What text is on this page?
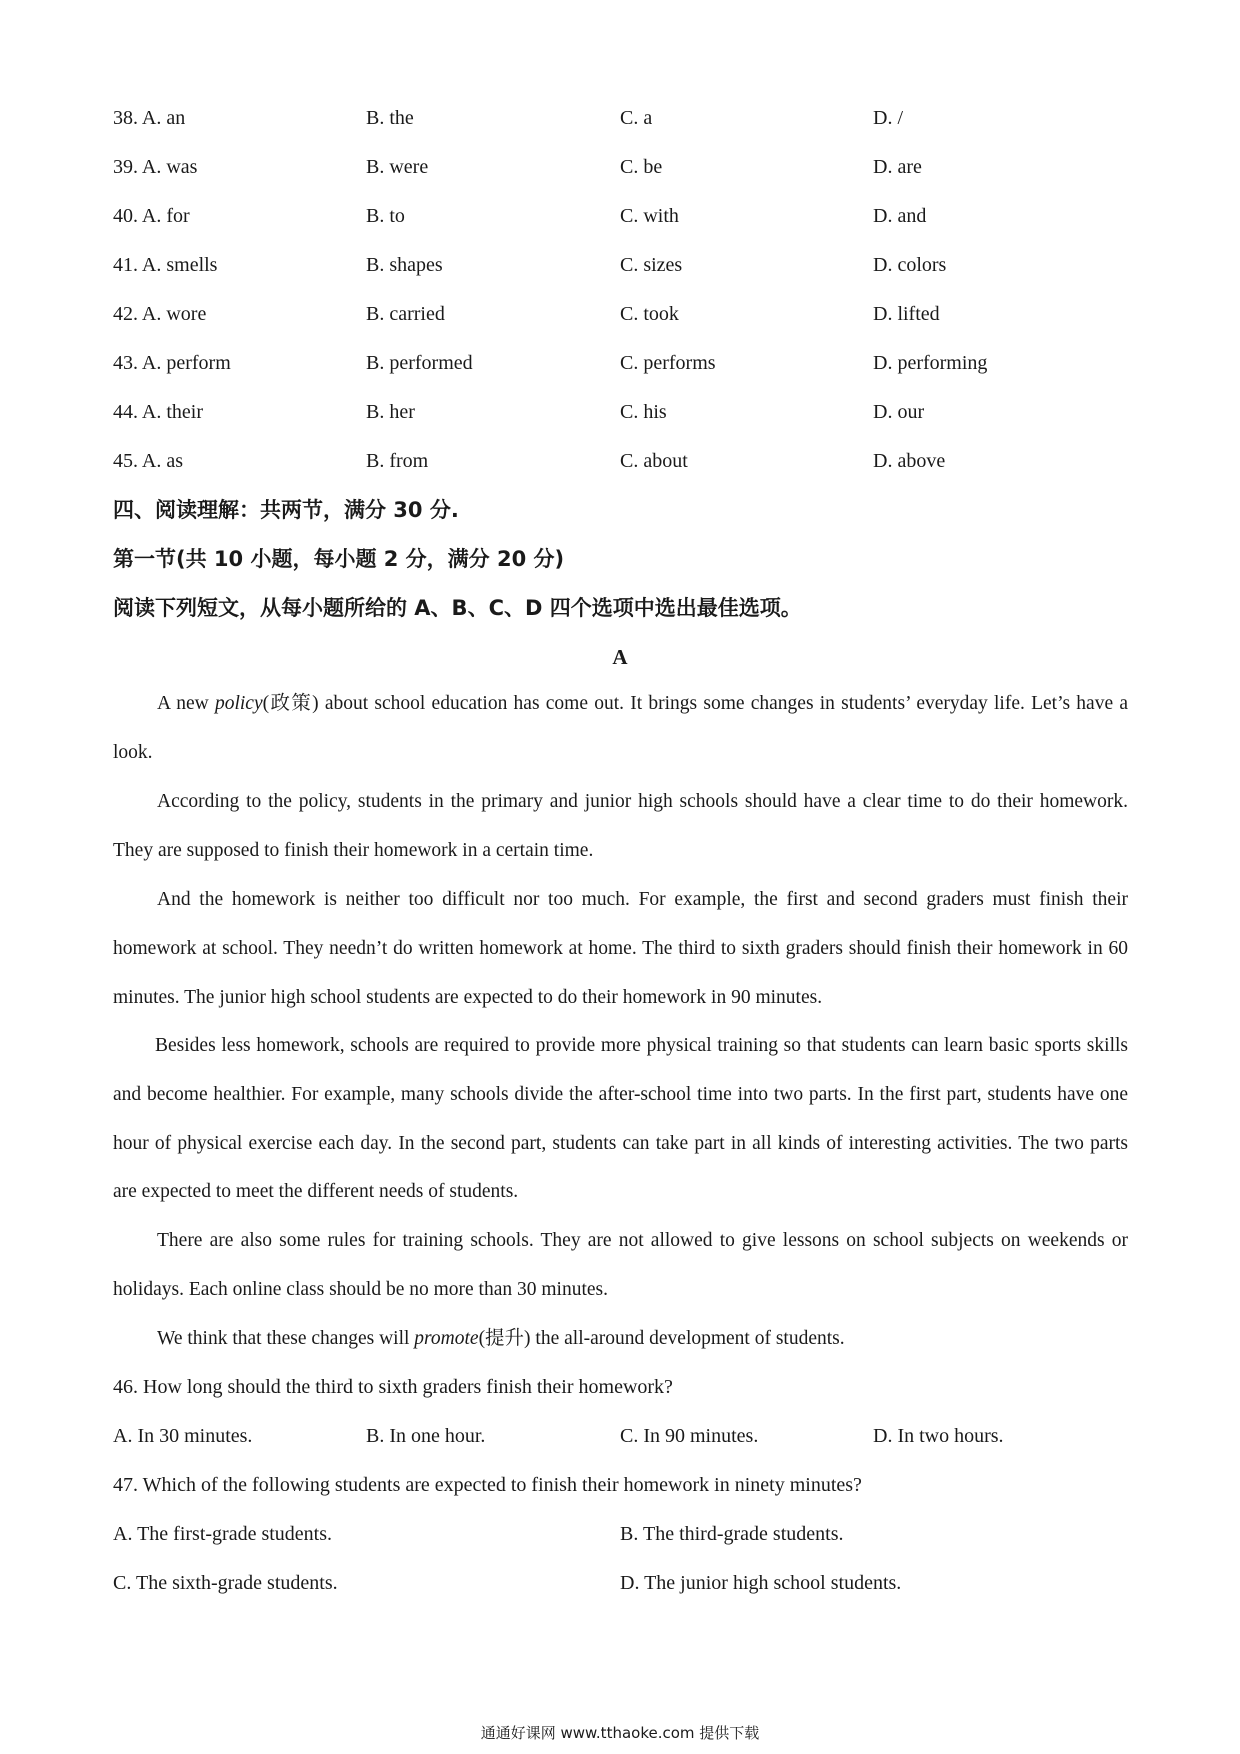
38. A. an	B. the	C. a	D. /
39. A. was	B. were	C. be	D. are
40. A. for	B. to	C. with	D. and
41. A. smells	B. shapes	C. sizes	D. colors
42. A. wore	B. carried	C. took	D. lifted
43. A. perform	B. performed	C. performs	D. performing
44. A. their	B. her	C. his	D. our
45. A. as	B. from	C. about	D. above
四、阅读理解：共两节，满分 30 分.
第一节(共 10 小题，每小题 2 分，满分 20 分)
阅读下列短文，从每小题所给的 A、B、C、D 四个选项中选出最佳选项。
A
A new policy(政策) about school education has come out. It brings some changes in students’ everyday life. Let’s have a look.
According to the policy, students in the primary and junior high schools should have a clear time to do their homework. They are supposed to finish their homework in a certain time.
And the homework is neither too difficult nor too much. For example, the first and second graders must finish their homework at school. They needn’t do written homework at home. The third to sixth graders should finish their homework in 60 minutes. The junior high school students are expected to do their homework in 90 minutes.
Besides less homework, schools are required to provide more physical training so that students can learn basic sports skills and become healthier. For example, many schools divide the after-school time into two parts. In the first part, students have one hour of physical exercise each day. In the second part, students can take part in all kinds of interesting activities. The two parts are expected to meet the different needs of students.
There are also some rules for training schools. They are not allowed to give lessons on school subjects on weekends or holidays. Each online class should be no more than 30 minutes.
We think that these changes will promote(提升) the all-around development of students.
46. How long should the third to sixth graders finish their homework?
A. In 30 minutes.	B. In one hour.	C. In 90 minutes.	D. In two hours.
47. Which of the following students are expected to finish their homework in ninety minutes?
A. The first-grade students.	B. The third-grade students.
C. The sixth-grade students.	D. The junior high school students.
通通好课网 www.tthaoke.com 提供下载
